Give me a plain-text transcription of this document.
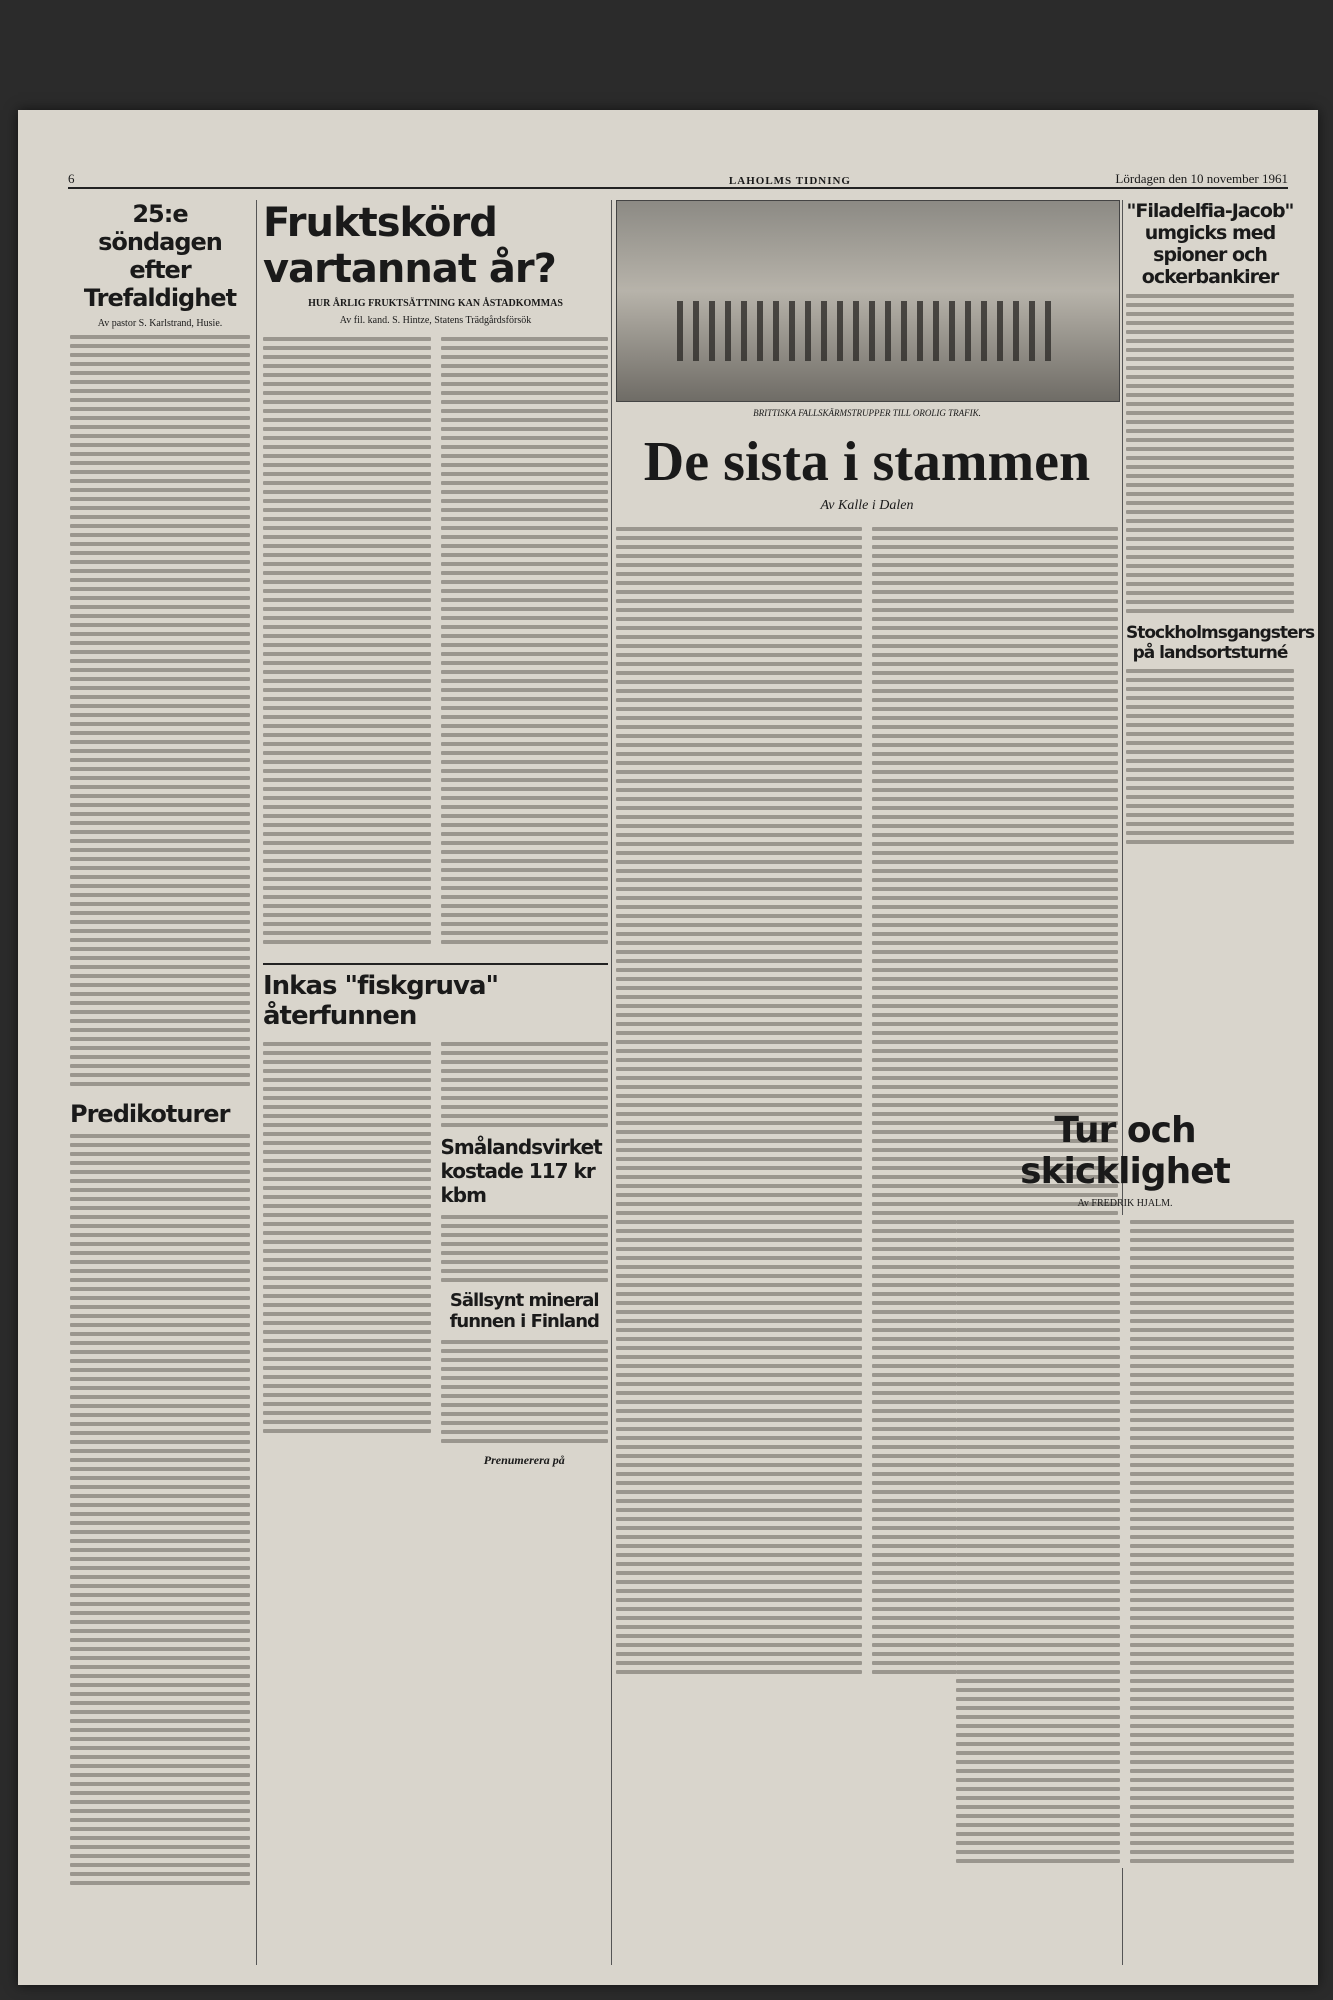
6	LAHOLMS TIDNING	Lördagen den 10 november 1961
25:e söndagen efter Trefaldighet
Av pastor S. Karlstrand, Husie.
Predikoturer
Fruktskörd vartannat år?
HUR ÅRLIG FRUKTSÄTTNING KAN ÅSTADKOMMAS
Av fil. kand. S. Hintze, Statens Trädgårdsförsök
Inkas "fiskgruva" återfunnen
Smålandsvirket kostade 117 kr kbm
Sällsynt mineral funnen i Finland
Prenumerera på
BRITTISKA FALLSKÄRMSTRUPPER TILL OROLIG TRAFIK.
De sista i stammen
Av Kalle i Dalen
"Filadelfia-Jacob" umgicks med spioner och ockerbankirer
Stockholmsgangsters på landsortsturné
Tur och skicklighet
Av FREDRIK HJALM.
